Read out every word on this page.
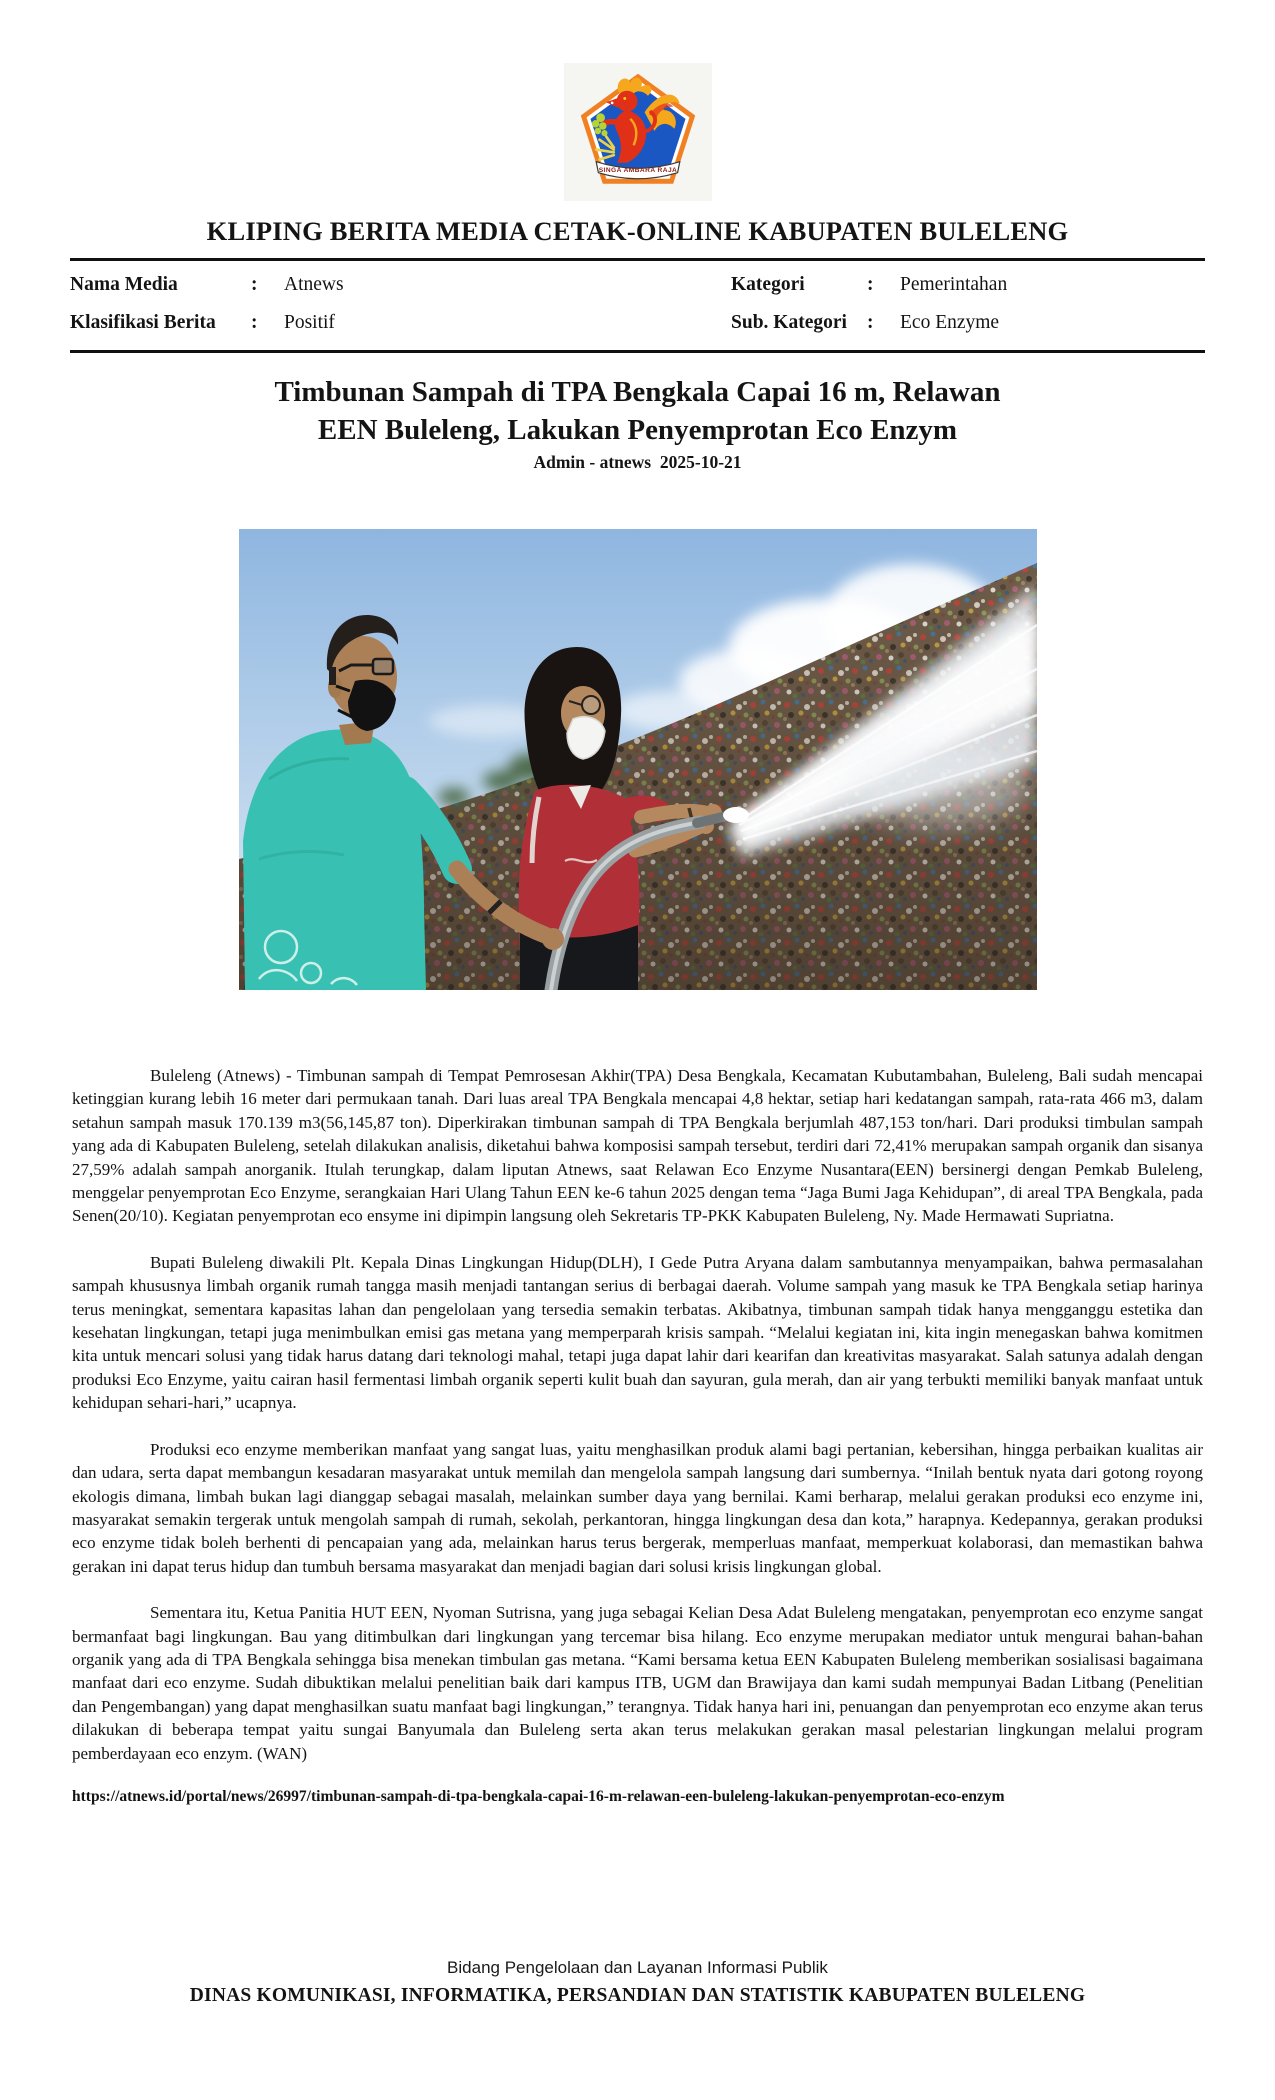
SINGA AMBARA RAJA
KLIPING BERITA MEDIA CETAK-ONLINE KABUPATEN BULELENG
Nama Media	:	Atnews	Kategori	:	Pemerintahan
Klasifikasi Berita	:	Positif	Sub. Kategori	:	Eco Enzyme
Timbunan Sampah di TPA Bengkala Capai 16 m, Relawan
EEN Buleleng, Lakukan Penyemprotan Eco Enzym
Admin - atnews  2025-10-21

Buleleng (Atnews) - Timbunan sampah di Tempat Pemrosesan Akhir(TPA) Desa Bengkala, Kecamatan Kubutambahan, Buleleng, Bali sudah mencapai ketinggian kurang lebih 16 meter dari permukaan tanah. Dari luas areal TPA Bengkala mencapai 4,8 hektar, setiap hari kedatangan sampah, rata-rata 466 m3, dalam setahun sampah masuk 170.139 m3(56,145,87 ton). Diperkirakan timbunan sampah di TPA Bengkala berjumlah 487,153 ton/hari. Dari produksi timbulan sampah yang ada di Kabupaten Buleleng, setelah dilakukan analisis, diketahui bahwa komposisi sampah tersebut, terdiri dari 72,41% merupakan sampah organik dan sisanya 27,59% adalah sampah anorganik. Itulah terungkap, dalam liputan Atnews, saat Relawan Eco Enzyme Nusantara(EEN) bersinergi dengan Pemkab Buleleng, menggelar penyemprotan Eco Enzyme, serangkaian Hari Ulang Tahun EEN ke-6 tahun 2025 dengan tema “Jaga Bumi Jaga Kehidupan”, di areal TPA Bengkala, pada Senen(20/10). Kegiatan penyemprotan eco ensyme ini dipimpin langsung oleh Sekretaris TP-PKK Kabupaten Buleleng, Ny. Made Hermawati Supriatna.

Bupati Buleleng diwakili Plt. Kepala Dinas Lingkungan Hidup(DLH), I Gede Putra Aryana dalam sambutannya menyampaikan, bahwa permasalahan sampah khususnya limbah organik rumah tangga masih menjadi tantangan serius di berbagai daerah. Volume sampah yang masuk ke TPA Bengkala setiap harinya terus meningkat, sementara kapasitas lahan dan pengelolaan yang tersedia semakin terbatas. Akibatnya, timbunan sampah tidak hanya mengganggu estetika dan kesehatan lingkungan, tetapi juga menimbulkan emisi gas metana yang memperparah krisis sampah. “Melalui kegiatan ini, kita ingin menegaskan bahwa komitmen kita untuk mencari solusi yang tidak harus datang dari teknologi mahal, tetapi juga dapat lahir dari kearifan dan kreativitas masyarakat. Salah satunya adalah dengan produksi Eco Enzyme, yaitu cairan hasil fermentasi limbah organik seperti kulit buah dan sayuran, gula merah, dan air yang terbukti memiliki banyak manfaat untuk kehidupan sehari-hari,” ucapnya.

Produksi eco enzyme memberikan manfaat yang sangat luas, yaitu menghasilkan produk alami bagi pertanian, kebersihan, hingga perbaikan kualitas air dan udara, serta dapat membangun kesadaran masyarakat untuk memilah dan mengelola sampah langsung dari sumbernya. “Inilah bentuk nyata dari gotong royong ekologis dimana, limbah bukan lagi dianggap sebagai masalah, melainkan sumber daya yang bernilai. Kami berharap, melalui gerakan produksi eco enzyme ini, masyarakat semakin tergerak untuk mengolah sampah di rumah, sekolah, perkantoran, hingga lingkungan desa dan kota,” harapnya. Kedepannya, gerakan produksi eco enzyme tidak boleh berhenti di pencapaian yang ada, melainkan harus terus bergerak, memperluas manfaat, memperkuat kolaborasi, dan memastikan bahwa gerakan ini dapat terus hidup dan tumbuh bersama masyarakat dan menjadi bagian dari solusi krisis lingkungan global.

Sementara itu, Ketua Panitia HUT EEN, Nyoman Sutrisna, yang juga sebagai Kelian Desa Adat Buleleng mengatakan, penyemprotan eco enzyme sangat bermanfaat bagi lingkungan. Bau yang ditimbulkan dari lingkungan yang tercemar bisa hilang. Eco enzyme merupakan mediator untuk mengurai bahan-bahan organik yang ada di TPA Bengkala sehingga bisa menekan timbulan gas metana. “Kami bersama ketua EEN Kabupaten Buleleng memberikan sosialisasi bagaimana manfaat dari eco enzyme. Sudah dibuktikan melalui penelitian baik dari kampus ITB, UGM dan Brawijaya dan kami sudah mempunyai Badan Litbang (Penelitian dan Pengembangan) yang dapat menghasilkan suatu manfaat bagi lingkungan,” terangnya. Tidak hanya hari ini, penuangan dan penyemprotan eco enzyme akan terus dilakukan di beberapa tempat yaitu sungai Banyumala dan Buleleng serta akan terus melakukan gerakan masal pelestarian lingkungan melalui program pemberdayaan eco enzym. (WAN)

https://atnews.id/portal/news/26997/timbunan-sampah-di-tpa-bengkala-capai-16-m-relawan-een-buleleng-lakukan-penyemprotan-eco-enzym
Bidang Pengelolaan dan Layanan Informasi Publik
DINAS KOMUNIKASI, INFORMATIKA, PERSANDIAN DAN STATISTIK KABUPATEN BULELENG
